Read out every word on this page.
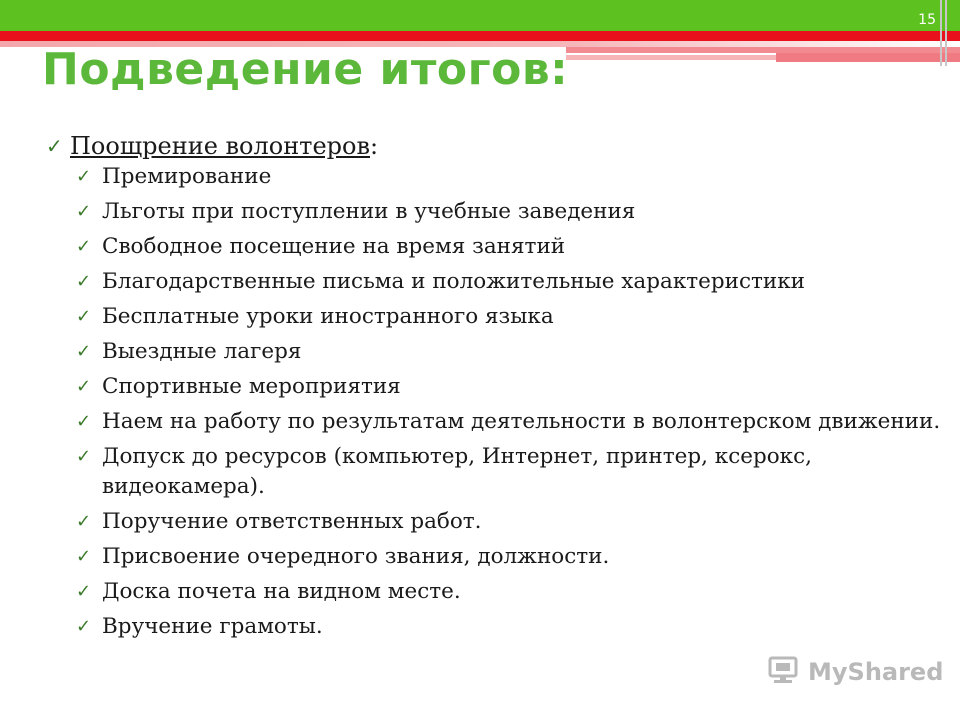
15
Подведение итогов:
✓ Поощрение волонтеров:
✓ Премирование
✓ Льготы при поступлении в учебные заведения
✓ Свободное посещение на время занятий
✓ Благодарственные письма и положительные характеристики
✓ Бесплатные уроки иностранного языка
✓ Выездные лагеря
✓ Спортивные мероприятия
✓ Наем на работу по результатам деятельности в волонтерском движении.
✓ Допуск до ресурсов (компьютер, Интернет, принтер, ксерокс, видеокамера).
✓ Поручение ответственных работ.
✓ Присвоение очередного звания, должности.
✓ Доска почета на видном месте.
✓ Вручение грамоты.
MyShared
